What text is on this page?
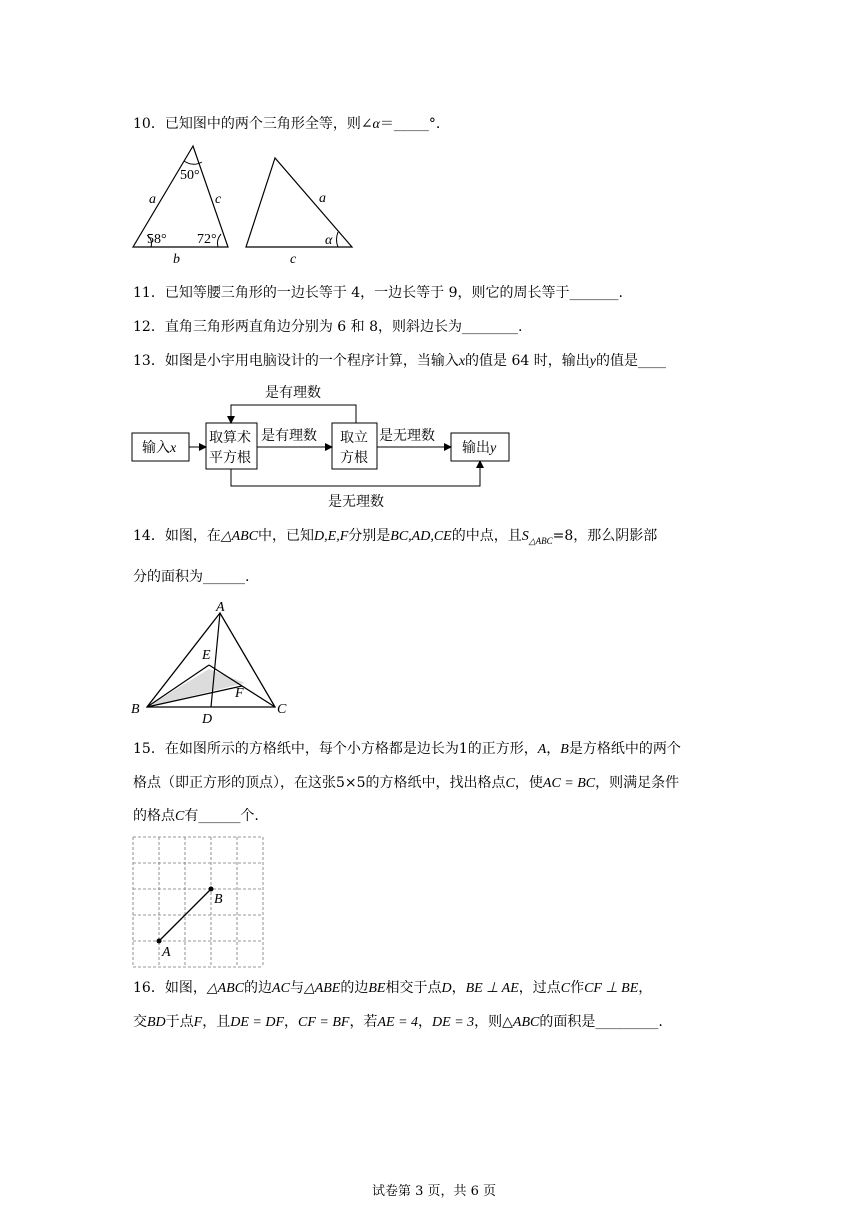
10．已知图中的两个三角形全等，则∠α＝_____°.
50°
a	c
58° 72°
b
a
α
c
11．已知等腰三角形的一边长等于 4，一边长等于 9，则它的周长等于_______.
12．直角三角形两直角边分别为 6 和 8，则斜边长为________.
13．如图是小宇用电脑设计的一个程序计算，当输入x的值是 64 时，输出y的值是____
输入x
取算术
平方根
是有理数 取立
方根
是无理数
输出y
是有理数
是无理数
14．如图，在△ABC中，已知D,E,F分别是BC,AD,CE的中点，且$S_{\triangle ABC}=8$，那么阴影部
分的面积为______.
A
B	C
D
E
F
15．在如图所示的方格纸中，每个小方格都是边长为1的正方形，A，B是方格纸中的两个
格点（即正方形的顶点），在这张5×5的方格纸中，找出格点C，使AC = BC，则满足条件
的格点C有______个.
A
B
16．如图，△ABC的边AC与△ABE的边BE相交于点D，BE ⊥ AE，过点C作CF ⊥ BE，
交BD于点F，且DE = DF，CF = BF，若AE = 4，DE = 3，则△ABC的面积是_________.
试卷第 3 页，共 6 页
